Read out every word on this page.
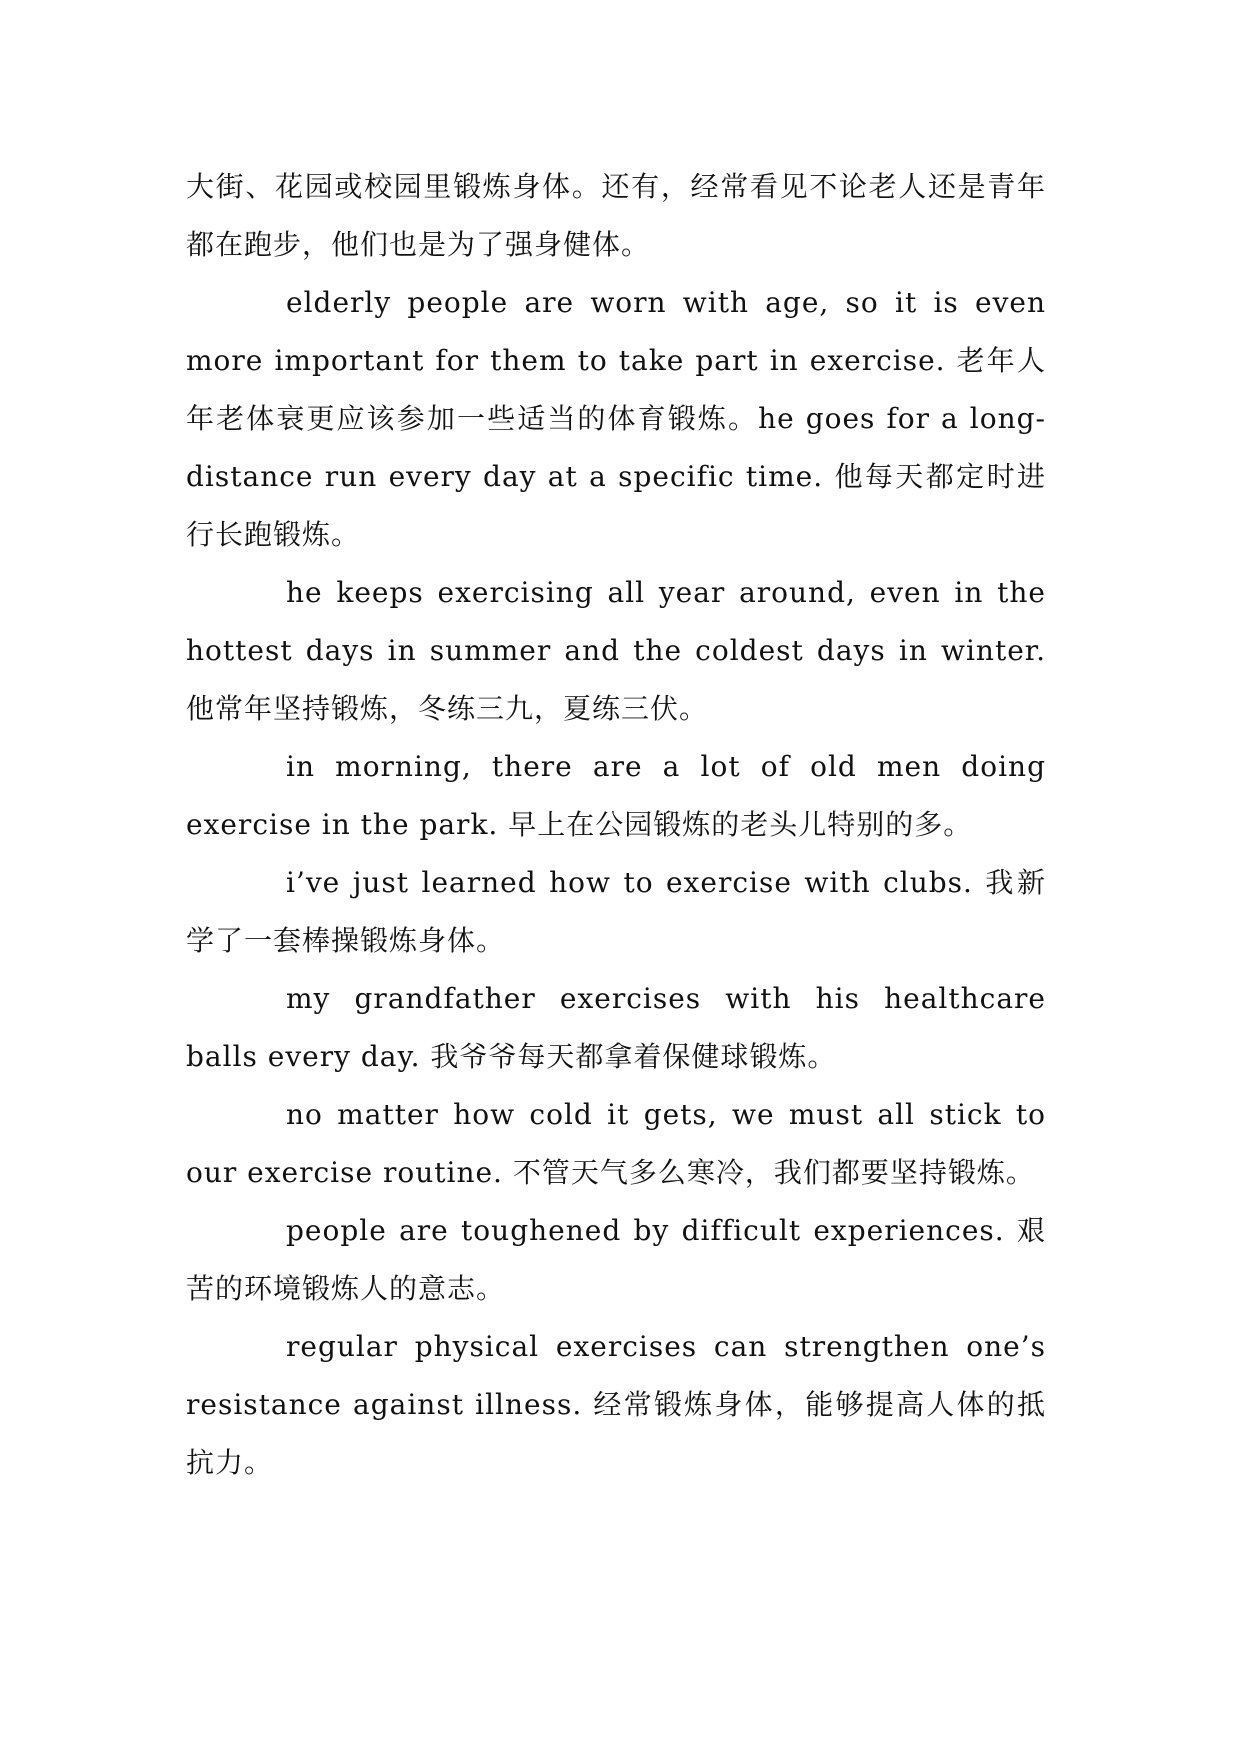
大街、花园或校园里锻炼身体。还有，经常看见不论老人还是青年都在跑步，他们也是为了强身健体。

elderly people are worn with age, so it is even more important for them to take part in exercise. 老年人年老体衰更应该参加一些适当的体育锻炼。he goes for a long-distance run every day at a specific time. 他每天都定时进行长跑锻炼。

he keeps exercising all year around, even in the hottest days in summer and the coldest days in winter. 他常年坚持锻炼，冬练三九，夏练三伏。

in morning, there are a lot of old men doing exercise in the park. 早上在公园锻炼的老头儿特别的多。

i’ve just learned how to exercise with clubs. 我新学了一套棒操锻炼身体。

my grandfather exercises with his healthcare balls every day. 我爷爷每天都拿着保健球锻炼。

no matter how cold it gets, we must all stick to our exercise routine. 不管天气多么寒冷，我们都要坚持锻炼。

people are toughened by difficult experiences. 艰苦的环境锻炼人的意志。

regular physical exercises can strengthen one’s resistance against illness. 经常锻炼身体，能够提高人体的抵抗力。
